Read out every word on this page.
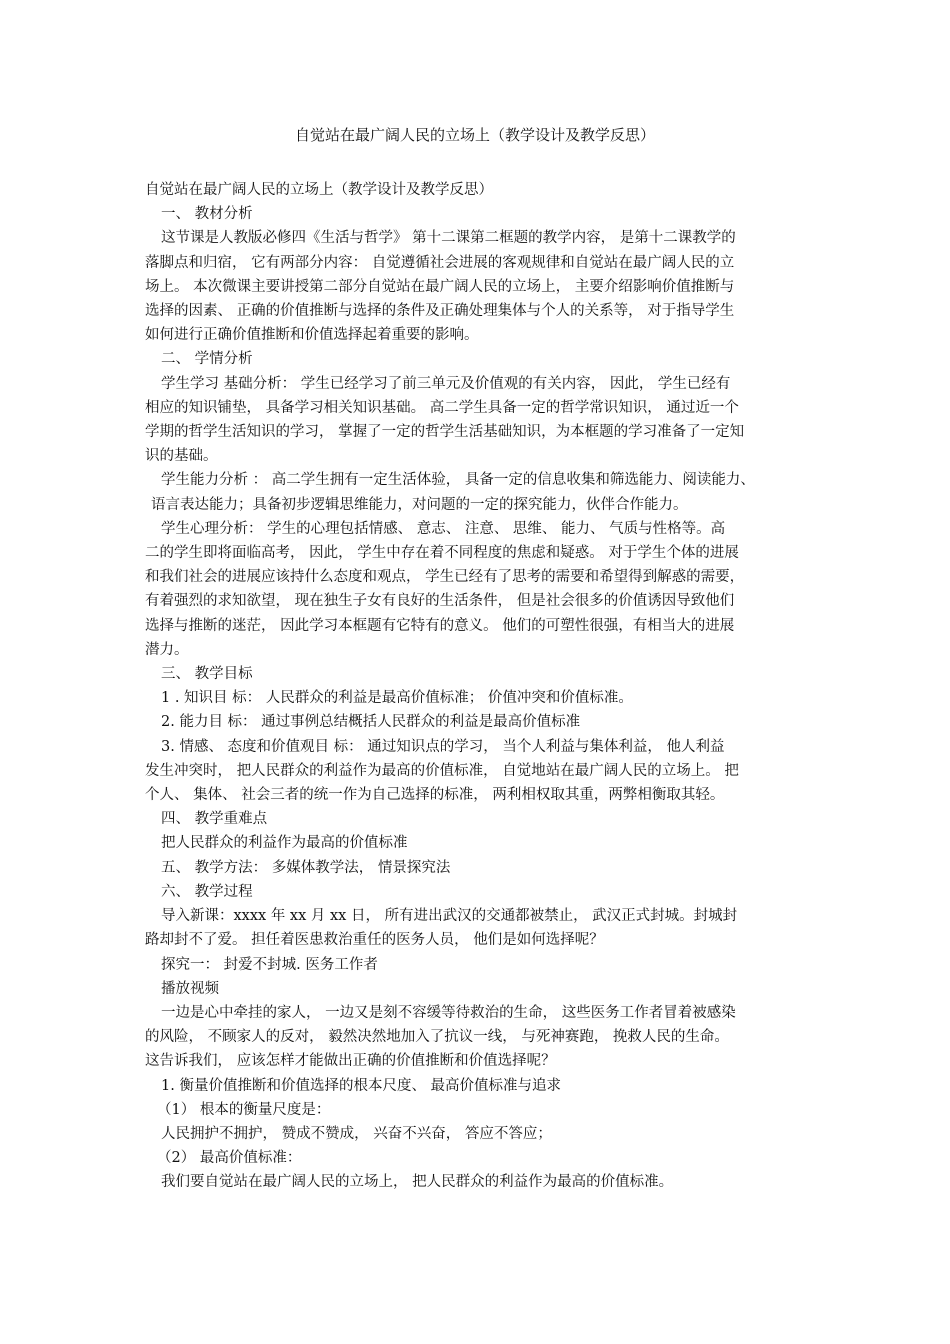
自觉站在最广阔人民的立场上（教学设计及教学反思）

自觉站在最广阔人民的立场上（教学设计及教学反思）

一、 教材分析

这节课是人教版必修四《生活与哲学》 第十二课第二框题的教学内容， 是第十二课教学的

落脚点和归宿， 它有两部分内容： 自觉遵循社会进展的客观规律和自觉站在最广阔人民的立

场上。 本次微课主要讲授第二部分自觉站在最广阔人民的立场上， 主要介绍影响价值推断与

选择的因素、 正确的价值推断与选择的条件及正确处理集体与个人的关系等， 对于指导学生

如何进行正确价值推断和价值选择起着重要的影响。

二、 学情分析

学生学习 基础分析： 学生已经学习了前三单元及价值观的有关内容， 因此， 学生已经有

相应的知识铺垫， 具备学习相关知识基础。 高二学生具备一定的哲学常识知识， 通过近一个

学期的哲学生活知识的学习， 掌握了一定的哲学生活基础知识，为本框题的学习准备了一定知

识的基础。

学生能力分析 ： 高二学生拥有一定生活体验， 具备一定的信息收集和筛选能力、阅读能力、

语言表达能力；具备初步逻辑思维能力，对问题的一定的探究能力，伙伴合作能力。

学生心理分析： 学生的心理包括情感、 意志、 注意、 思维、 能力、 气质与性格等。高

二的学生即将面临高考， 因此， 学生中存在着不同程度的焦虑和疑惑。 对于学生个体的进展

和我们社会的进展应该持什么态度和观点， 学生已经有了思考的需要和希望得到解惑的需要，

有着强烈的求知欲望， 现在独生子女有良好的生活条件， 但是社会很多的价值诱因导致他们

选择与推断的迷茫， 因此学习本框题有它特有的意义。 他们的可塑性很强，有相当大的进展

潜力。

三、 教学目标

1 . 知识目 标： 人民群众的利益是最高价值标准； 价值冲突和价值标准。

2. 能力目 标： 通过事例总结概括人民群众的利益是最高价值标准

3. 情感、 态度和价值观目 标： 通过知识点的学习， 当个人利益与集体利益， 他人利益

发生冲突时， 把人民群众的利益作为最高的价值标准， 自觉地站在最广阔人民的立场上。 把

个人、 集体、 社会三者的统一作为自己选择的标准， 两利相权取其重，两弊相衡取其轻。

四、 教学重难点

把人民群众的利益作为最高的价值标准

五、 教学方法： 多媒体教学法， 情景探究法

六、 教学过程

导入新课：xxxx 年 xx 月 xx 日， 所有进出武汉的交通都被禁止， 武汉正式封城。封城封

路却封不了爱。 担任着医患救治重任的医务人员， 他们是如何选择呢？

探究一： 封爱不封城. 医务工作者

播放视频

一边是心中牵挂的家人， 一边又是刻不容缓等待救治的生命， 这些医务工作者冒着被感染

的风险， 不顾家人的反对， 毅然决然地加入了抗议一线， 与死神赛跑， 挽救人民的生命。

这告诉我们， 应该怎样才能做出正确的价值推断和价值选择呢？

1. 衡量价值推断和价值选择的根本尺度、 最高价值标准与追求

（1） 根本的衡量尺度是：

人民拥护不拥护， 赞成不赞成， 兴奋不兴奋， 答应不答应；

（2） 最高价值标准：

我们要自觉站在最广阔人民的立场上， 把人民群众的利益作为最高的价值标准。
